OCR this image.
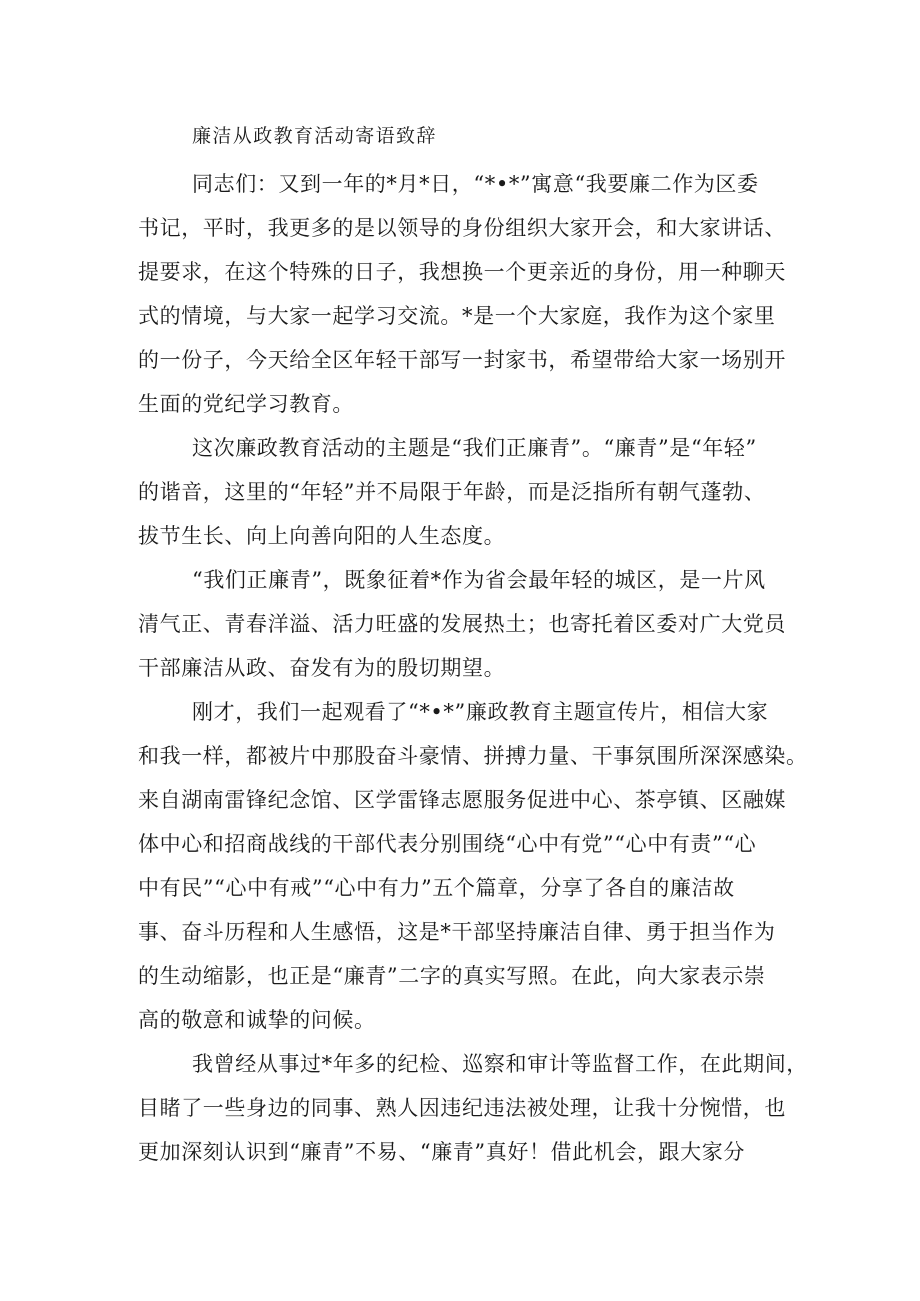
廉洁从政教育活动寄语致辞
同志们：又到一年的*月*日，“*•*”寓意“我要廉二作为区委
书记，平时，我更多的是以领导的身份组织大家开会，和大家讲话、
提要求，在这个特殊的日子，我想换一个更亲近的身份，用一种聊天
式的情境，与大家一起学习交流。*是一个大家庭，我作为这个家里
的一份子，今天给全区年轻干部写一封家书，希望带给大家一场别开
生面的党纪学习教育。
这次廉政教育活动的主题是“我们正廉青”。“廉青”是“年轻”
的谐音，这里的“年轻”并不局限于年龄，而是泛指所有朝气蓬勃、
拔节生长、向上向善向阳的人生态度。
“我们正廉青”，既象征着*作为省会最年轻的城区，是一片风
清气正、青春洋溢、活力旺盛的发展热土；也寄托着区委对广大党员
干部廉洁从政、奋发有为的殷切期望。
刚才，我们一起观看了“*•*”廉政教育主题宣传片，相信大家
和我一样，都被片中那股奋斗豪情、拼搏力量、干事氛围所深深感染。
来自湖南雷锋纪念馆、区学雷锋志愿服务促进中心、茶亭镇、区融媒
体中心和招商战线的干部代表分别围绕“心中有党”“心中有责”“心
中有民”“心中有戒”“心中有力”五个篇章，分享了各自的廉洁故
事、奋斗历程和人生感悟，这是*干部坚持廉洁自律、勇于担当作为
的生动缩影，也正是“廉青”二字的真实写照。在此，向大家表示崇
高的敬意和诚挚的问候。
我曾经从事过*年多的纪检、巡察和审计等监督工作，在此期间，
目睹了一些身边的同事、熟人因违纪违法被处理，让我十分惋惜，也
更加深刻认识到“廉青”不易、“廉青”真好！借此机会，跟大家分
